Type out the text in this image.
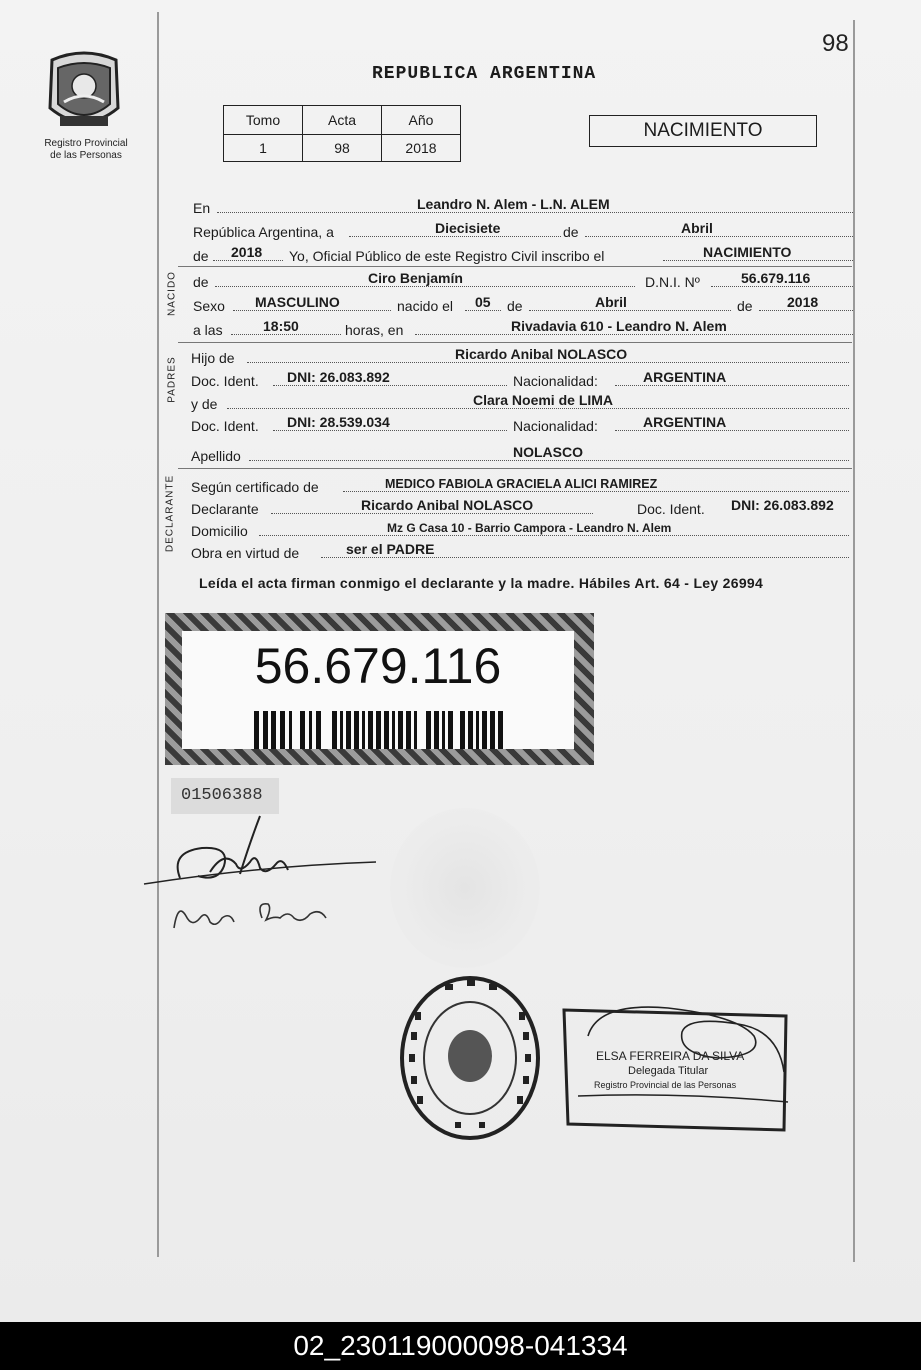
98
Registro Provincial
de las Personas
REPUBLICA ARGENTINA
Tomo	Acta	Año
1	98	2018
NACIMIENTO
En	Leandro N. Alem - L.N. ALEM
República Argentina, a	Diecisiete	de	Abril
de 2018 Yo, Oficial Público de este Registro Civil inscribo el	NACIMIENTO
NACIDO de	Ciro Benjamín	D.N.I. Nº	56.679.116
Sexo MASCULINO	nacido el 05 de	Abril	de 2018
a las	18:50	horas, en	Rivadavia 610 - Leandro N. Alem
PADRES Hijo de	Ricardo Anibal NOLASCO
Doc. Ident. DNI: 26.083.892	Nacionalidad:	ARGENTINA
y de	Clara Noemi de LIMA
Doc. Ident. DNI: 28.539.034	Nacionalidad:	ARGENTINA
Apellido	NOLASCO
DECLARANTE Según certificado de	MEDICO FABIOLA GRACIELA ALICI RAMIREZ
Declarante	Ricardo Anibal NOLASCO	Doc. Ident. DNI: 26.083.892
Domicilio	Mz G Casa 10 - Barrio Campora - Leandro N. Alem
Obra en virtud de	ser el PADRE
Leída el acta firman conmigo el declarante y la madre. Hábiles Art. 64 - Ley 26994
56.679.116
01506388
ELSA FERREIRA DA SILVA
Delegada Titular
Registro Provincial de las Personas
02_230119000098-041334
